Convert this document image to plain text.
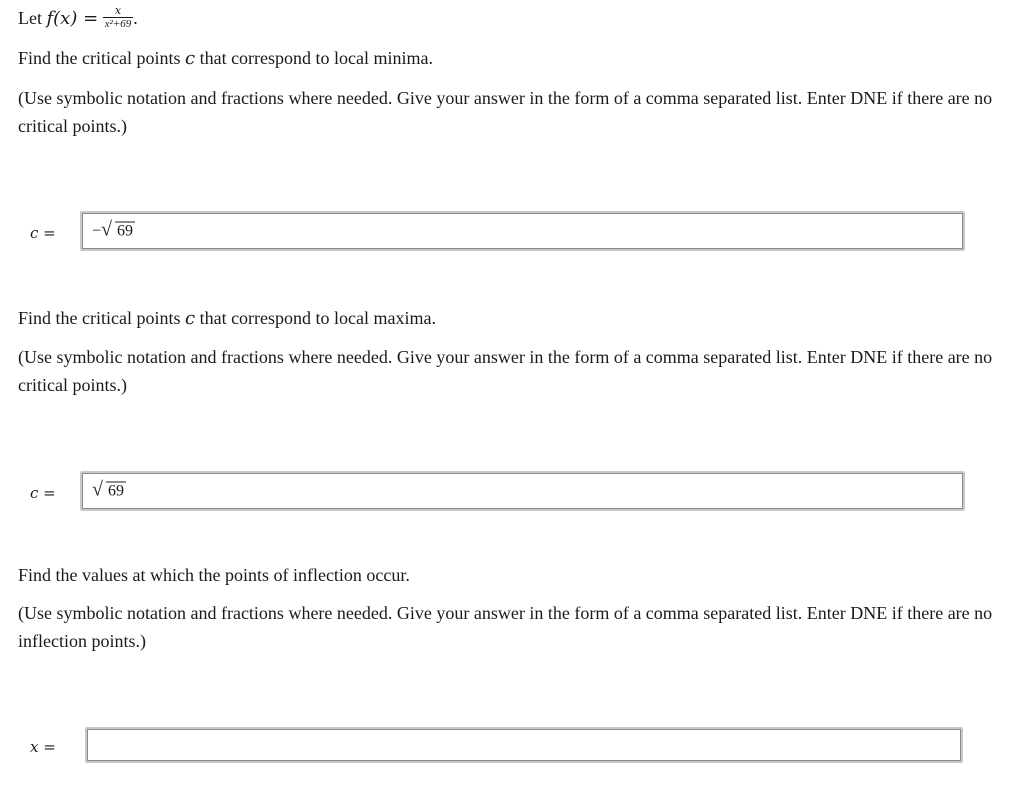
Let $f(x) = \frac{x}{\text{x²+69}}$ .
Find the critical points c that correspond to local minima.
(Use symbolic notation and fractions where needed. Give your answer in the form of a comma separated list. Enter DNE if there are no critical points.)
c = − √ 69
Find the critical points c that correspond to local maxima.
(Use symbolic notation and fractions where needed. Give your answer in the form of a comma separated list. Enter DNE if there are no critical points.)
c = √ 69
Find the values at which the points of inflection occur.
(Use symbolic notation and fractions where needed. Give your answer in the form of a comma separated list. Enter DNE if there are no inflection points.)
x =
